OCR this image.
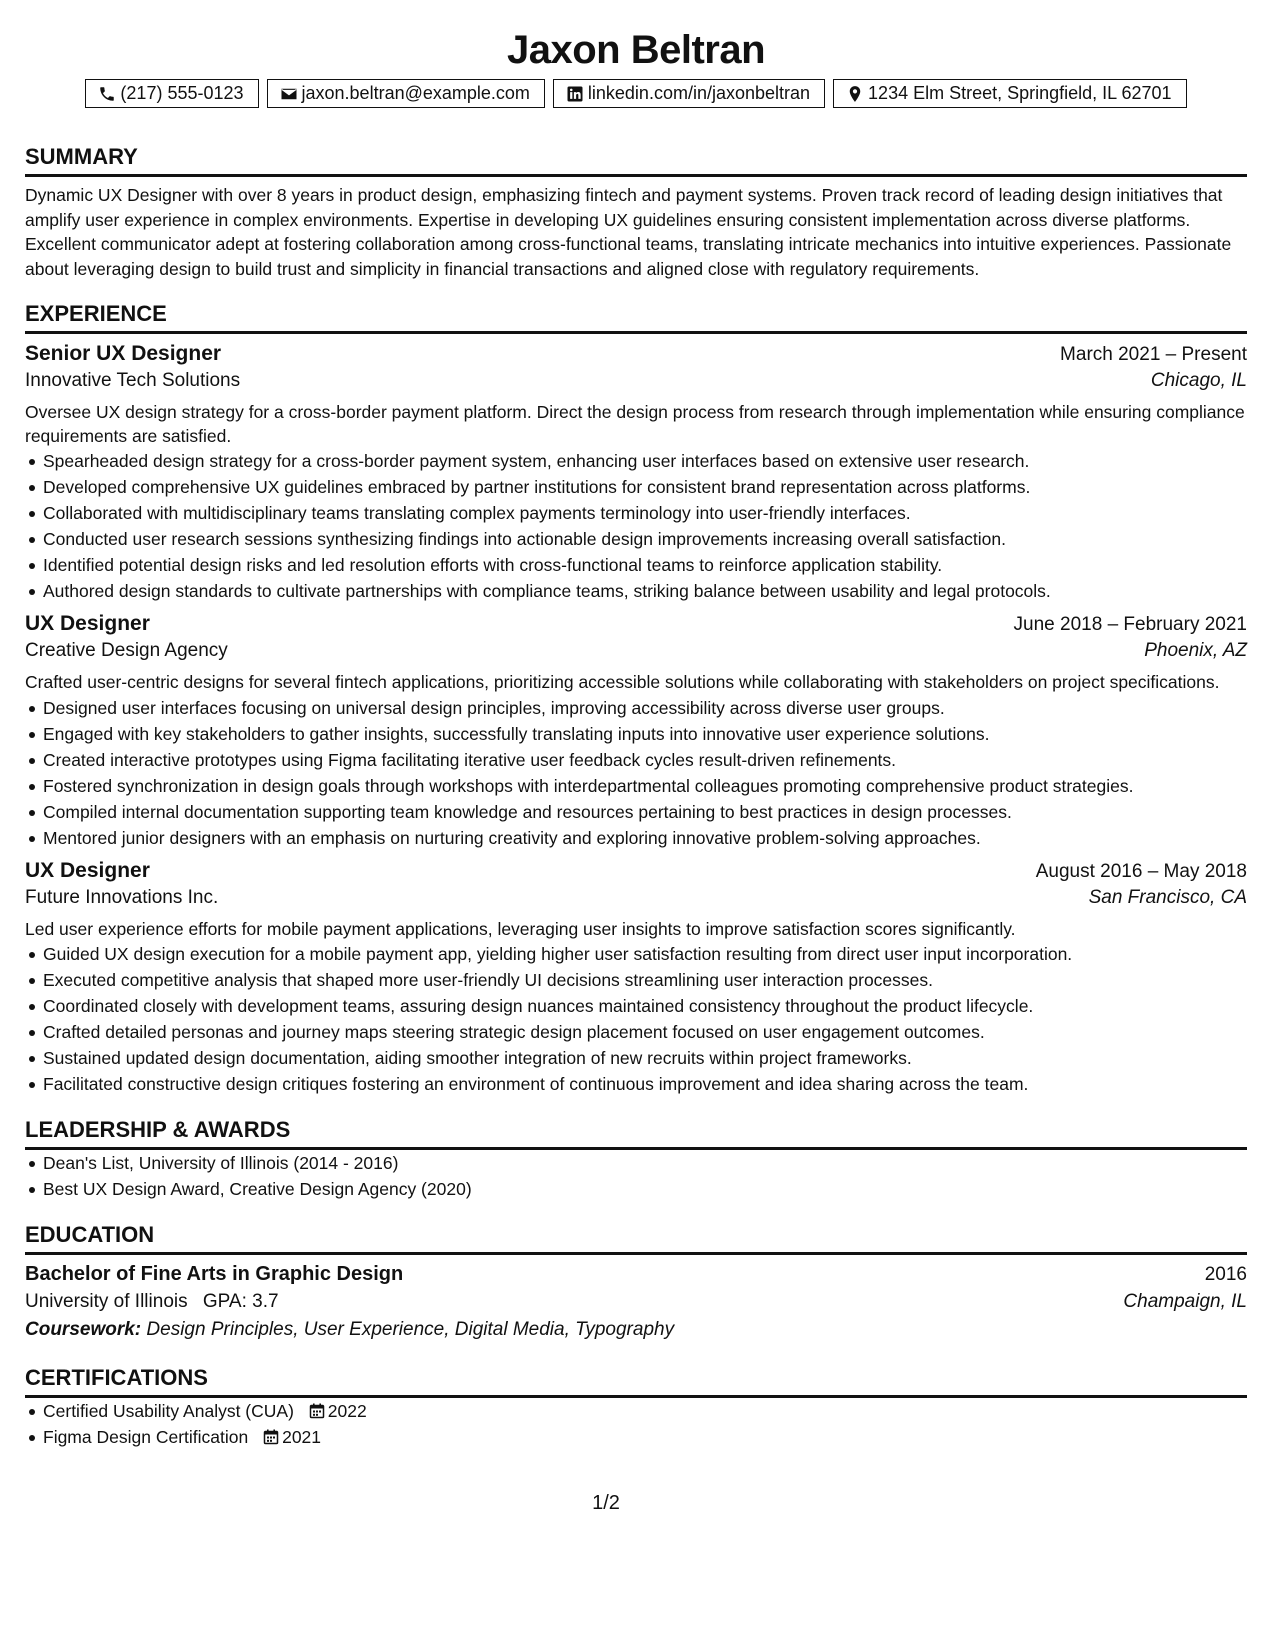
Jaxon Beltran
(217) 555-0123	jaxon.beltran@example.com	linkedin.com/in/jaxonbeltran	1234 Elm Street, Springfield, IL 62701
SUMMARY
Dynamic UX Designer with over 8 years in product design, emphasizing fintech and payment systems. Proven track record of leading design initiatives that amplify user experience in complex environments. Expertise in developing UX guidelines ensuring consistent implementation across diverse platforms. Excellent communicator adept at fostering collaboration among cross-functional teams, translating intricate mechanics into intuitive experiences. Passionate about leveraging design to build trust and simplicity in financial transactions and aligned close with regulatory requirements.
EXPERIENCE
Senior UX Designer	March 2021 – Present
Innovative Tech Solutions	Chicago, IL
Oversee UX design strategy for a cross-border payment platform. Direct the design process from research through implementation while ensuring compliance requirements are satisfied.
Spearheaded design strategy for a cross-border payment system, enhancing user interfaces based on extensive user research.
Developed comprehensive UX guidelines embraced by partner institutions for consistent brand representation across platforms.
Collaborated with multidisciplinary teams translating complex payments terminology into user-friendly interfaces.
Conducted user research sessions synthesizing findings into actionable design improvements increasing overall satisfaction.
Identified potential design risks and led resolution efforts with cross-functional teams to reinforce application stability.
Authored design standards to cultivate partnerships with compliance teams, striking balance between usability and legal protocols.
UX Designer	June 2018 – February 2021
Creative Design Agency	Phoenix, AZ
Crafted user-centric designs for several fintech applications, prioritizing accessible solutions while collaborating with stakeholders on project specifications.
Designed user interfaces focusing on universal design principles, improving accessibility across diverse user groups.
Engaged with key stakeholders to gather insights, successfully translating inputs into innovative user experience solutions.
Created interactive prototypes using Figma facilitating iterative user feedback cycles result-driven refinements.
Fostered synchronization in design goals through workshops with interdepartmental colleagues promoting comprehensive product strategies.
Compiled internal documentation supporting team knowledge and resources pertaining to best practices in design processes.
Mentored junior designers with an emphasis on nurturing creativity and exploring innovative problem-solving approaches.
UX Designer	August 2016 – May 2018
Future Innovations Inc.	San Francisco, CA
Led user experience efforts for mobile payment applications, leveraging user insights to improve satisfaction scores significantly.
Guided UX design execution for a mobile payment app, yielding higher user satisfaction resulting from direct user input incorporation.
Executed competitive analysis that shaped more user-friendly UI decisions streamlining user interaction processes.
Coordinated closely with development teams, assuring design nuances maintained consistency throughout the product lifecycle.
Crafted detailed personas and journey maps steering strategic design placement focused on user engagement outcomes.
Sustained updated design documentation, aiding smoother integration of new recruits within project frameworks.
Facilitated constructive design critiques fostering an environment of continuous improvement and idea sharing across the team.
LEADERSHIP & AWARDS
Dean's List, University of Illinois (2014 - 2016)
Best UX Design Award, Creative Design Agency (2020)
EDUCATION
Bachelor of Fine Arts in Graphic Design	2016
University of Illinois GPA: 3.7	Champaign, IL
Coursework: Design Principles, User Experience, Digital Media, Typography
CERTIFICATIONS
Certified Usability Analyst (CUA) 2022
Figma Design Certification 2021
1/2
